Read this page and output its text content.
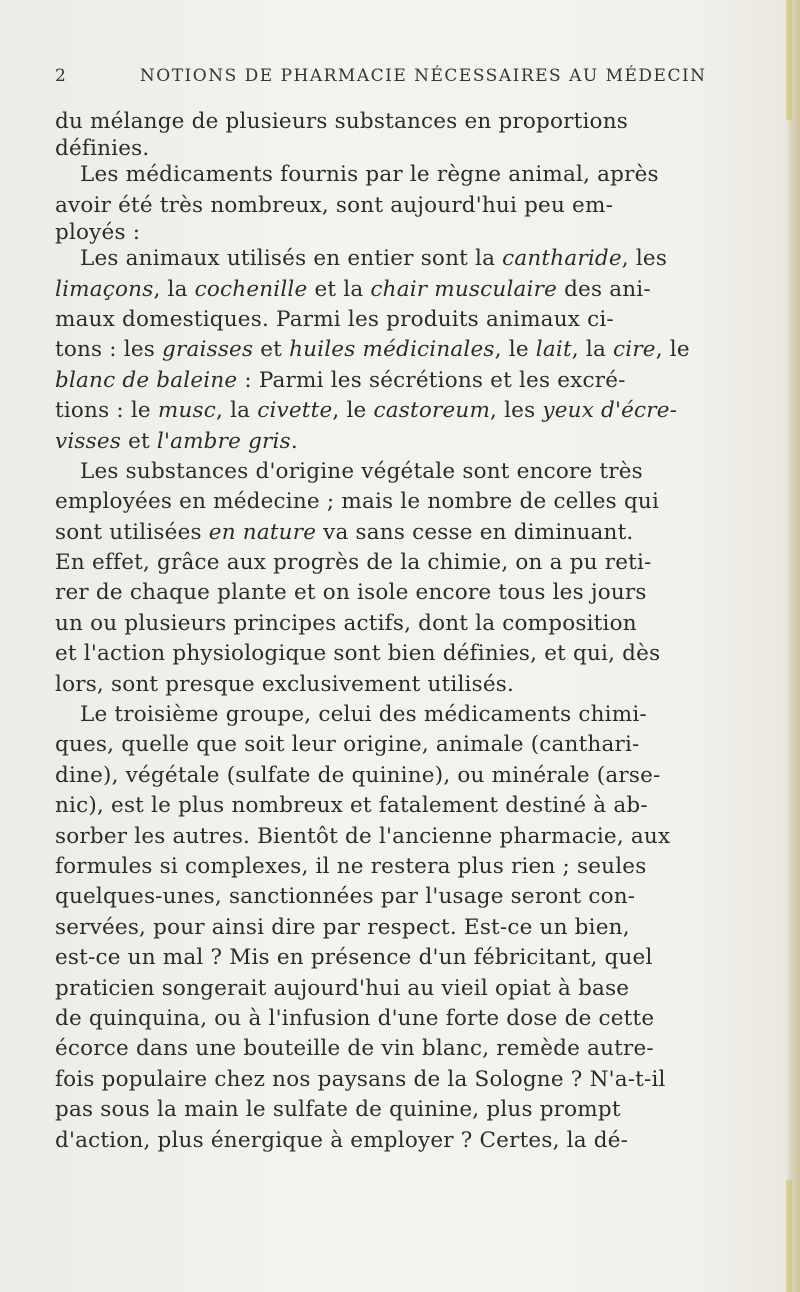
2	NOTIONS DE PHARMACIE NÉCESSAIRES AU MÉDECIN
du mélange de plusieurs substances en proportions
définies.
Les médicaments fournis par le règne animal, après
avoir été très nombreux, sont aujourd'hui peu em-
ployés :
Les animaux utilisés en entier sont la cantharide, les
limaçons, la cochenille et la chair musculaire des ani-
maux domestiques. Parmi les produits animaux ci-
tons : les graisses et huiles médicinales, le lait, la cire, le
blanc de baleine : Parmi les sécrétions et les excré-
tions : le musc, la civette, le castoreum, les yeux d'écre-
visses et l'ambre gris.
Les substances d'origine végétale sont encore très
employées en médecine ; mais le nombre de celles qui
sont utilisées en nature va sans cesse en diminuant.
En effet, grâce aux progrès de la chimie, on a pu reti-
rer de chaque plante et on isole encore tous les jours
un ou plusieurs principes actifs, dont la composition
et l'action physiologique sont bien définies, et qui, dès
lors, sont presque exclusivement utilisés.
Le troisième groupe, celui des médicaments chimi-
ques, quelle que soit leur origine, animale (canthari-
dine), végétale (sulfate de quinine), ou minérale (arse-
nic), est le plus nombreux et fatalement destiné à ab-
sorber les autres. Bientôt de l'ancienne pharmacie, aux
formules si complexes, il ne restera plus rien ; seules
quelques-unes, sanctionnées par l'usage seront con-
servées, pour ainsi dire par respect. Est-ce un bien,
est-ce un mal ? Mis en présence d'un fébricitant, quel
praticien songerait aujourd'hui au vieil opiat à base
de quinquina, ou à l'infusion d'une forte dose de cette
écorce dans une bouteille de vin blanc, remède autre-
fois populaire chez nos paysans de la Sologne ? N'a-t-il
pas sous la main le sulfate de quinine, plus prompt
d'action, plus énergique à employer ? Certes, la dé-
